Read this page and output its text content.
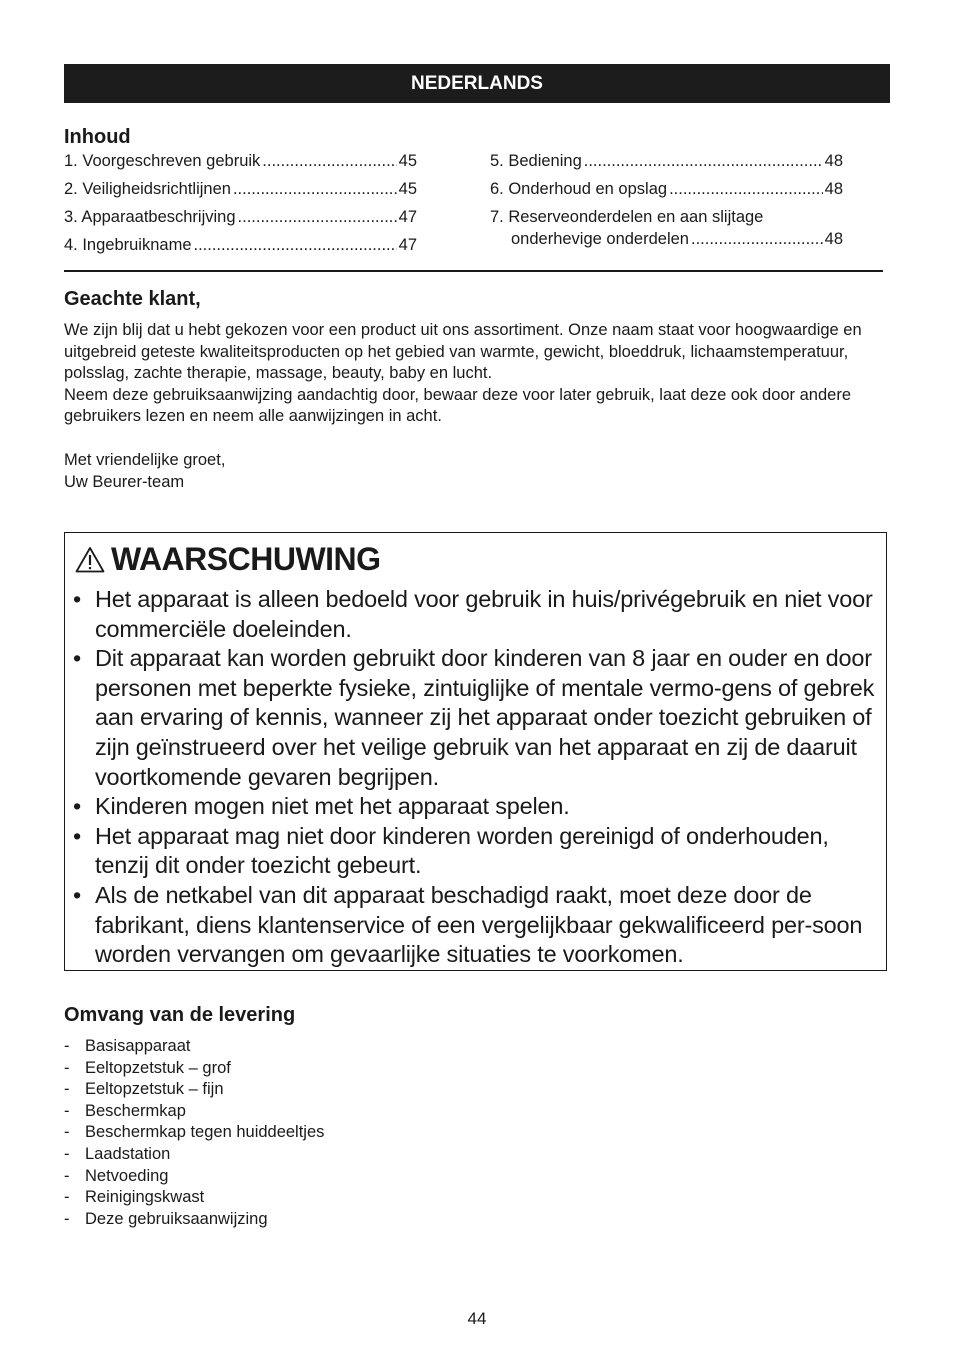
NEDERLANDS
Inhoud
1. Voorgeschreven gebruik .....	45
2. Veiligheidsrichtlijnen .....	45
3. Apparaatbeschrijving .....	47
4. Ingebruikname .....	47
5. Bediening .....	48
6. Onderhoud en opslag .....	48
7. Reserveonderdelen en aan slijtage
onderhevige onderdelen .....	48
Geachte klant,

We zijn blij dat u hebt gekozen voor een product uit ons assortiment. Onze naam staat voor hoogwaardige en uitgebreid geteste kwaliteitsproducten op het gebied van warmte, gewicht, bloeddruk, lichaamstemperatuur, polsslag, zachte therapie, massage, beauty, baby en lucht.

Neem deze gebruiksaanwijzing aandachtig door, bewaar deze voor later gebruik, laat deze ook door andere gebruikers lezen en neem alle aanwijzingen in acht.

Met vriendelijke groet,
Uw Beurer-team
WAARSCHUWING
• Het apparaat is alleen bedoeld voor gebruik in huis/privégebruik en niet voor commerciële doeleinden.
• Dit apparaat kan worden gebruikt door kinderen van 8 jaar en ouder en door personen met beperkte fysieke, zintuiglijke of mentale vermo-gens of gebrek aan ervaring of kennis, wanneer zij het apparaat onder toezicht gebruiken of zijn geïnstrueerd over het veilige gebruik van het apparaat en zij de daaruit voortkomende gevaren begrijpen.
• Kinderen mogen niet met het apparaat spelen.
• Het apparaat mag niet door kinderen worden gereinigd of onderhouden, tenzij dit onder toezicht gebeurt.
• Als de netkabel van dit apparaat beschadigd raakt, moet deze door de fabrikant, diens klantenservice of een vergelijkbaar gekwalificeerd per-soon worden vervangen om gevaarlijke situaties te voorkomen.
Omvang van de levering
- Basisapparaat
- Eeltopzetstuk – grof
- Eeltopzetstuk – fijn
- Beschermkap
- Beschermkap tegen huiddeeltjes
- Laadstation
- Netvoeding
- Reinigingskwast
- Deze gebruiksaanwijzing
44
